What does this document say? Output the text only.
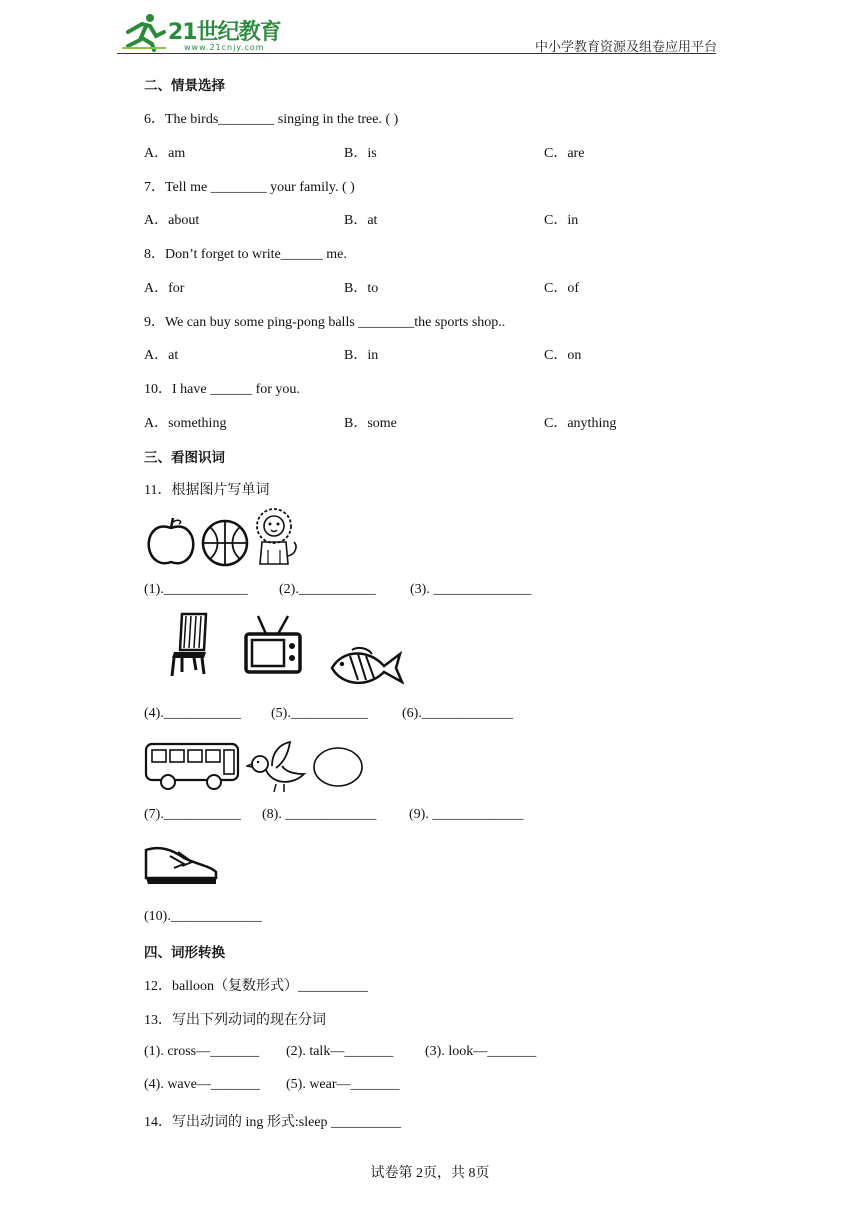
21世纪教育
www.21cnjy.com	中小学教育资源及组卷应用平台
二、情景选择
6．The birds________ singing in the tree. ( )
A．am	B．is	C．are
7．Tell me ________ your family. ( )
A．about	B．at	C．in
8．Don’t forget to write______ me.
A．for	B．to	C．of
9．We can buy some ping-pong balls ________the sports shop..
A．at	B．in	C．on
10．I have ______ for you.
A．something	B．some	C．anything
三、看图识词
11．根据图片写单词
(1).____________ (2).___________ (3). ______________
(4).___________ (5).___________ (6)._____________
(7).___________ (8). _____________ (9). _____________
(10)._____________
四、词形转换
12．balloon（复数形式）__________
13．写出下列动词的现在分词
(1). cross—_______ (2). talk—_______ (3). look—_______
(4). wave—_______ (5). wear—_______
14．写出动词的 ing 形式:sleep __________
试卷第 2页，共 8页
